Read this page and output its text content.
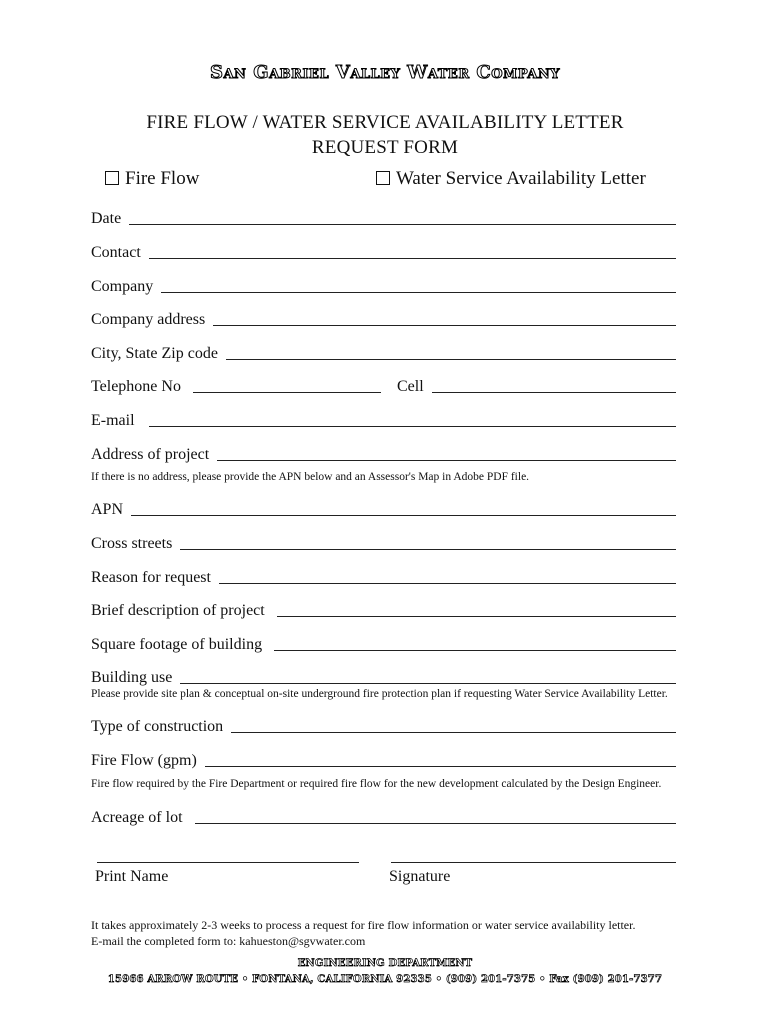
San Gabriel Valley Water Company
FIRE FLOW / WATER SERVICE AVAILABILITY LETTER
REQUEST FORM
Fire Flow	Water Service Availability Letter
Date
Contact
Company
Company address
City, State Zip code
Telephone No	Cell
E-mail
Address of project
If there is no address, please provide the APN below and an Assessor's Map in Adobe PDF file.
APN
Cross streets
Reason for request
Brief description of project
Square footage of building
Building use
Please provide site plan & conceptual on-site underground fire protection plan if requesting Water Service Availability Letter.
Type of construction
Fire Flow (gpm)
Fire flow required by the Fire Department or required fire flow for the new development calculated by the Design Engineer.
Acreage of lot
Print Name	Signature
It takes approximately 2-3 weeks to process a request for fire flow information or water service availability letter.
E-mail the completed form to: kahueston@sgvwater.com
ENGINEERING DEPARTMENT
15966 ARROW ROUTE • FONTANA, CALIFORNIA 92335 • (909) 201-7375 • Fax (909) 201-7377
